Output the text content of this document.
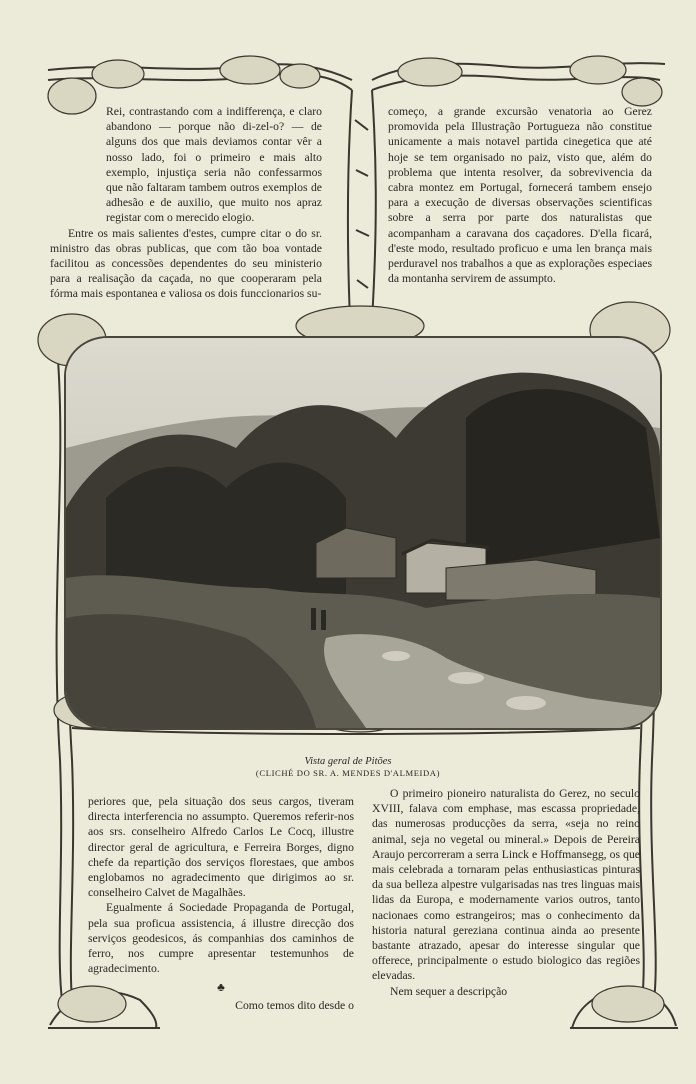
Rei, contrastando com a indifferença, e claro abandono — porque não di-zel-o? — de alguns dos que mais deviamos contar vêr a nosso lado, foi o primeiro e mais alto exemplo, injustiça seria não confessarmos que não faltaram tambem outros exemplos de adhesão e de auxilio, que muito nos apraz registar com o merecido elogio.

Entre os mais salientes d'estes, cumpre citar o do sr. ministro das obras publicas, que com tão boa vontade facilitou as concessões dependentes do seu ministerio para a realisação da caçada, no que cooperaram pela fórma mais espontanea e valiosa os dois funccionarios su-

começo, a grande excursão venatoria ao Gerez promovida pela Illustração Portugueza não constitue unicamente a mais notavel partida cinegetica que até hoje se tem organisado no paiz, visto que, além do problema que intenta resolver, da sobrevivencia da cabra montez em Portugal, fornecerá tambem ensejo para a execução de diversas observações scientificas sobre a serra por parte dos naturalistas que acompanham a caravana dos caçadores. D'ella ficará, d'este modo, resultado proficuo e uma len brança mais perduravel nos trabalhos a que as explorações especiaes da montanha servirem de assumpto.

Vista geral de Pitões
(CLICHÉ DO SR. A. MENDES D'ALMEIDA)

periores que, pela situação dos seus cargos, tiveram directa interferencia no assumpto. Queremos referir-nos aos srs. conselheiro Alfredo Carlos Le Cocq, illustre director geral de agricultura, e Ferreira Borges, digno chefe da repartição dos serviços florestaes, que ambos englobamos no agradecimento que dirigimos ao sr. conselheiro Calvet de Magalhães.

Egualmente á Sociedade Propaganda de Portugal, pela sua proficua assistencia, á illustre direcção dos serviços geodesicos, ás companhias dos caminhos de ferro, nos cumpre apresentar testemunhos de agradecimento.

♣

Como temos dito desde o

O primeiro pioneiro naturalista do Gerez, no seculo XVIII, falava com emphase, mas escassa propriedade, das numerosas producções da serra, «seja no reino animal, seja no vegetal ou mineral.» Depois de Pereira Araujo percorreram a serra Linck e Hoffmansegg, os que mais celebrada a tornaram pelas enthusiasticas pinturas da sua belleza alpestre vulgarisadas nas tres linguas mais lidas da Europa, e modernamente varios outros, tanto nacionaes como estrangeiros; mas o conhecimento da historia natural gereziana continua ainda ao presente bastante atrazado, apesar do interesse singular que offerece, principalmente o estudo biologico das regiões elevadas.

Nem sequer a descripção
